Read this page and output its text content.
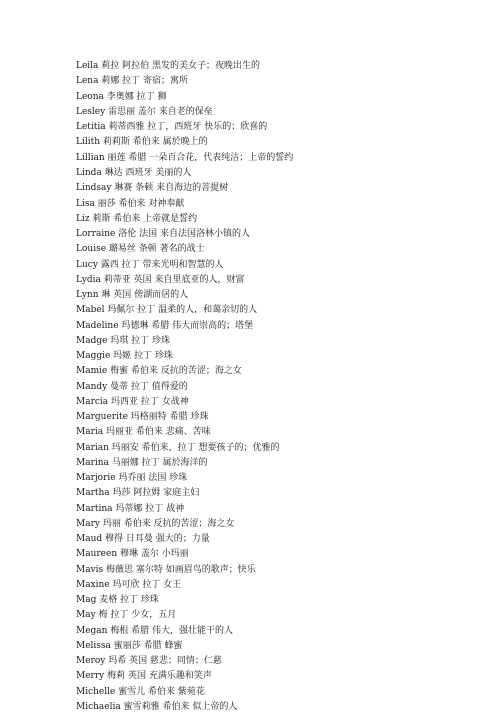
Leila 莉拉 阿拉伯 黑发的美女子；夜晚出生的
Lena 莉娜 拉丁 寄宿；寓所
Leona 李奥娜 拉丁 狮
Lesley 雷思丽 盖尔 来自老的保垒
Letitia 莉蒂西雅 拉丁，西班牙 快乐的；欣喜的
Lilith 莉莉斯 希伯来 属於晚上的
Lillian 丽莲 希腊 一朵百合花，代表纯洁；上帝的誓约
Linda 琳达 西班牙 美丽的人
Lindsay 琳赛 条顿 来自海边的菩提树
Lisa 丽莎 希伯来 对神奉献
Liz 莉斯 希伯来 上帝就是誓约
Lorraine 洛伦 法国 来自法国洛林小镇的人
Louise 璐易丝 条顿 著名的战士
Lucy 露西 拉丁 带来光明和智慧的人
Lydia 莉蒂亚 英国 来自里底亚的人，财富
Lynn 琳 英国 傍湖而居的人
Mabel 玛佩尔 拉丁 温柔的人，和蔼亲切的人
Madeline 玛德琳 希腊 伟大而崇高的；塔堡
Madge 玛琪 拉丁 珍珠
Maggie 玛姬 拉丁 珍珠
Mamie 梅蜜 希伯来 反抗的苦涩；海之女
Mandy 曼蒂 拉丁 值得爱的
Marcia 玛西亚 拉丁 女战神
Marguerite 玛格丽特 希腊 珍珠
Maria 玛丽亚 希伯来 悲痛、苦味
Marian 玛丽安 希伯来，拉丁 想要孩子的；优雅的
Marina 马丽娜 拉丁 属於海洋的
Marjorie 玛乔丽 法国 珍珠
Martha 玛莎 阿拉姆 家庭主妇
Martina 玛蒂娜 拉丁 战神
Mary 玛丽 希伯来 反抗的苦涩；海之女
Maud 穆得 日耳曼 强大的；力量
Maureen 穆琳 盖尔 小玛丽
Mavis 梅薇思 塞尔特 如画眉鸟的歌声；快乐
Maxine 玛可欣 拉丁 女王
Mag 麦格 拉丁 珍珠
May 梅 拉丁 少女，五月
Megan 梅根 希腊 伟大，强壮能干的人
Melissa 蜜丽莎 希腊 蜂蜜
Meroy 玛希 英国 慈悲；同情；仁慈
Merry 梅莉 英国 充满乐趣和笑声
Michelle 蜜雪儿 希伯来 紫菀花
Michaelia 蜜雪莉雅 希伯来 似上帝的人
